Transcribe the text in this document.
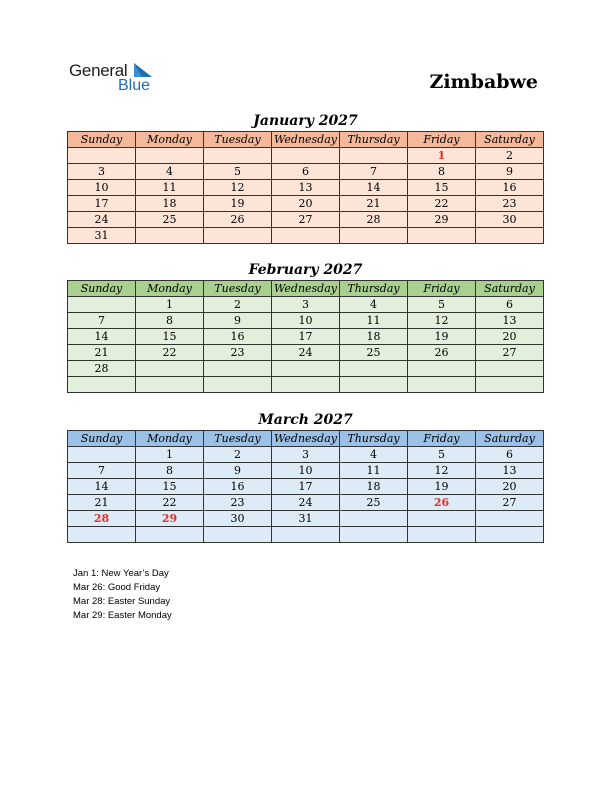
General
Blue	Zimbabwe
January 2027
Sunday	Monday	Tuesday	Wednesday	Thursday	Friday	Saturday
					1	2
3	4	5	6	7	8	9
10	11	12	13	14	15	16
17	18	19	20	21	22	23
24	25	26	27	28	29	30
31						
February 2027
Sunday	Monday	Tuesday	Wednesday	Thursday	Friday	Saturday
	1	2	3	4	5	6
7	8	9	10	11	12	13
14	15	16	17	18	19	20
21	22	23	24	25	26	27
28						

March 2027
Sunday	Monday	Tuesday	Wednesday	Thursday	Friday	Saturday
	1	2	3	4	5	6
7	8	9	10	11	12	13
14	15	16	17	18	19	20
21	22	23	24	25	26	27
28	29	30	31			

Jan 1: New Year’s Day
Mar 26: Good Friday
Mar 28: Easter Sunday
Mar 29: Easter Monday
